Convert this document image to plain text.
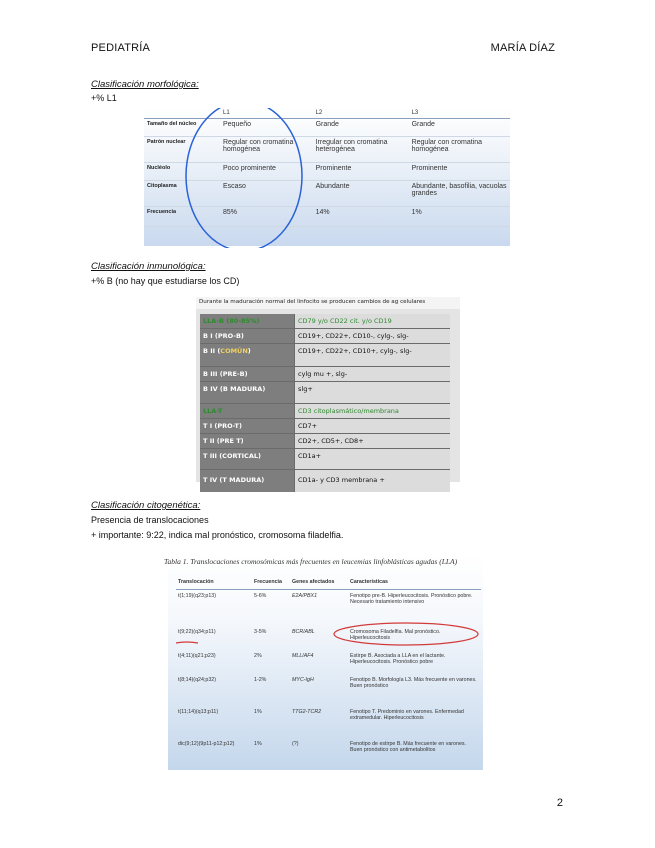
PEDIATRÍA	MARÍA DÍAZ
Clasificación morfológica:
+% L1
	L1	L2	L3
Tamaño del núcleo	Pequeño	Grande	Grande
Patrón nuclear	Regular con cromatina homogénea	Irregular con cromatina heterogénea	Regular con cromatina homogénea
Nucléolo	Poco prominente	Prominente	Prominente
Citoplasma	Escaso	Abundante	Abundante, basofilia, vacuolas grandes
Frecuencia	85%	14%	1%
Clasificación inmunológica:
+% B (no hay que estudiarse los CD)
Durante la maduración normal del linfocito se producen cambios de ag celulares
LLA-B (80-85%)	CD79 y/o CD22 cit. y/o CD19
B I (PRO-B)	CD19+, CD22+, CD10-, cylg-, slg-
B II (COMÚN)	CD19+, CD22+, CD10+, cylg-, slg-
B III (PRE-B)	cylg mu +, slg-
B IV (B MADURA)	slg+
LLA-T	CD3 citoplasmático/membrana
T I (PRO-T)	CD7+
T II (PRE T)	CD2+, CD5+, CD8+
T III (CORTICAL)	CD1a+
T IV (T MADURA)	CD1a- y CD3 membrana +
Clasificación citogenética:
Presencia de translocaciones
+ importante: 9:22, indica mal pronóstico, cromosoma filadelfia.
Tabla 1. Translocaciones cromosómicas más frecuentes en leucemias linfoblásticas agudas (LLA)
Translocación	Frecuencia	Genes afectados	Características
t(1;19)(q23;p13)	5-6%	E2A/PBX1	Fenotipo pre-B. Hiperleucocitosis. Pronóstico pobre. Necesario tratamiento intensivo
t(9;22)(q34;p11)	3-5%	BCR/ABL	Cromosoma Filadelfia. Mal pronóstico. Hiperleucocitosis
t(4;11)(q21;p23)	2%	MLL/AF4	Estirpe B. Asociada a LLA en el lactante. Hiperleucocitosis. Pronóstico pobre
t(8;14)(q24;p32)	1-2%	MYC-IgH	Fenotipo B. Morfología L3. Más frecuente en varones. Buen pronóstico
t(11;14)(q13;p11)	1%	TTG2-TCR2	Fenotipo T. Predominio en varones. Enfermedad extramedular. Hiperleucocitosis
dic(9;12)(9p11-p12;p12)	1%	(?)	Fenotipo de estirpe B. Más frecuente en varones. Buen pronóstico con antimetabolitos
2
